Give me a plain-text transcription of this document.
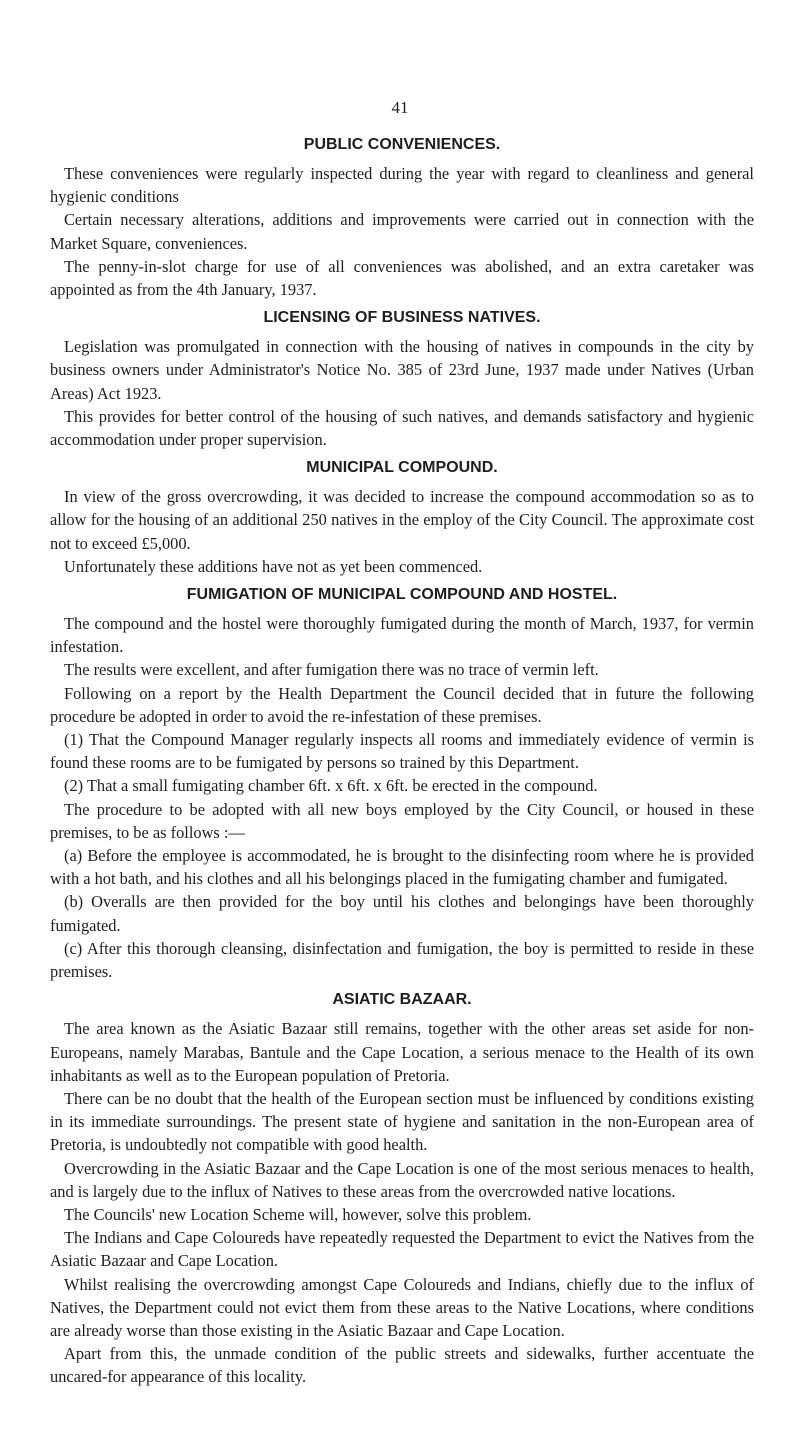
41
PUBLIC CONVENIENCES.

These conveniences were regularly inspected during the year with regard to cleanliness and general hygienic conditions

Certain necessary alterations, additions and improvements were carried out in connection with the Market Square, conveniences.

The penny-in-slot charge for use of all conveniences was abolished, and an extra caretaker was appointed as from the 4th January, 1937.

LICENSING OF BUSINESS NATIVES.

Legislation was promulgated in connection with the housing of natives in compounds in the city by business owners under Administrator's Notice No. 385 of 23rd June, 1937 made under Natives (Urban Areas) Act 1923.

This provides for better control of the housing of such natives, and demands satisfactory and hygienic accommodation under proper supervision.

MUNICIPAL COMPOUND.

In view of the gross overcrowding, it was decided to increase the compound accommodation so as to allow for the housing of an additional 250 natives in the employ of the City Council. The approximate cost not to exceed £5,000.

Unfortunately these additions have not as yet been commenced.

FUMIGATION OF MUNICIPAL COMPOUND AND HOSTEL.

The compound and the hostel were thoroughly fumigated during the month of March, 1937, for vermin infestation.

The results were excellent, and after fumigation there was no trace of vermin left.

Following on a report by the Health Department the Council decided that in future the following procedure be adopted in order to avoid the re-infestation of these premises.

(1) That the Compound Manager regularly inspects all rooms and immediately evidence of vermin is found these rooms are to be fumigated by persons so trained by this Department.

(2) That a small fumigating chamber 6ft. x 6ft. x 6ft. be erected in the compound.

The procedure to be adopted with all new boys employed by the City Council, or housed in these premises, to be as follows :—

(a) Before the employee is accommodated, he is brought to the disinfecting room where he is provided with a hot bath, and his clothes and all his belongings placed in the fumigating chamber and fumigated.

(b) Overalls are then provided for the boy until his clothes and belongings have been thoroughly fumigated.

(c) After this thorough cleansing, disinfectation and fumigation, the boy is permitted to reside in these premises.

ASIATIC BAZAAR.

The area known as the Asiatic Bazaar still remains, together with the other areas set aside for non-Europeans, namely Marabas, Bantule and the Cape Location, a serious menace to the Health of its own inhabitants as well as to the European population of Pretoria.

There can be no doubt that the health of the European section must be influenced by conditions existing in its immediate surroundings. The present state of hygiene and sanitation in the non-European area of Pretoria, is undoubtedly not compatible with good health.

Overcrowding in the Asiatic Bazaar and the Cape Location is one of the most serious menaces to health, and is largely due to the influx of Natives to these areas from the overcrowded native locations.

The Councils' new Location Scheme will, however, solve this problem.

The Indians and Cape Coloureds have repeatedly requested the Department to evict the Natives from the Asiatic Bazaar and Cape Location.

Whilst realising the overcrowding amongst Cape Coloureds and Indians, chiefly due to the influx of Natives, the Department could not evict them from these areas to the Native Locations, where conditions are already worse than those existing in the Asiatic Bazaar and Cape Location.

Apart from this, the unmade condition of the public streets and sidewalks, further accentuate the uncared-for appearance of this locality.
